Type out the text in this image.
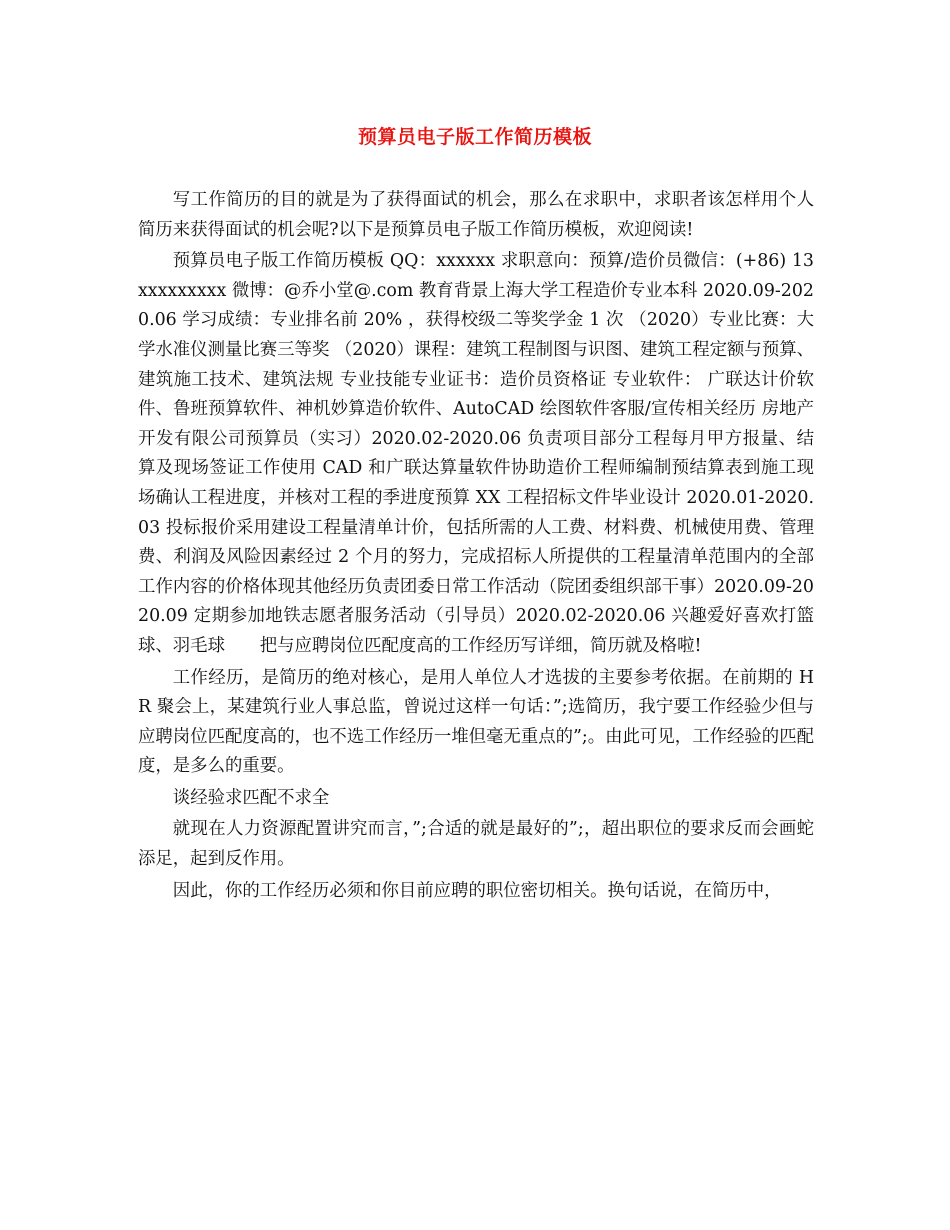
预算员电子版工作简历模板

写工作简历的目的就是为了获得面试的机会，那么在求职中，求职者该怎样用个人简历来获得面试的机会呢?以下是预算员电子版工作简历模板，欢迎阅读!

预算员电子版工作简历模板 QQ：xxxxxx 求职意向：预算/造价员微信：(+86) 13xxxxxxxxx 微博：@乔小堂@.com 教育背景上海大学工程造价专业本科 2020.09-2020.06 学习成绩：专业排名前 20% ，获得校级二等奖学金 1 次 （2020）专业比赛：大学水准仪测量比赛三等奖 （2020）课程：建筑工程制图与识图、建筑工程定额与预算、建筑施工技术、建筑法规 专业技能专业证书：造价员资格证 专业软件： 广联达计价软件、鲁班预算软件、神机妙算造价软件、AutoCAD 绘图软件客服/宣传相关经历 房地产开发有限公司预算员（实习）2020.02-2020.06 负责项目部分工程每月甲方报量、结算及现场签证工作使用 CAD 和广联达算量软件协助造价工程师编制预结算表到施工现场确认工程进度，并核对工程的季进度预算 XX 工程招标文件毕业设计 2020.01-2020.03 投标报价采用建设工程量清单计价，包括所需的人工费、材料费、机械使用费、管理费、利润及风险因素经过 2 个月的努力，完成招标人所提供的工程量清单范围内的全部工作内容的价格体现其他经历负责团委日常工作活动（院团委组织部干事）2020.09-2020.09 定期参加地铁志愿者服务活动（引导员）2020.02-2020.06 兴趣爱好喜欢打篮球、羽毛球　　把与应聘岗位匹配度高的工作经历写详细，简历就及格啦!

工作经历，是简历的绝对核心，是用人单位人才选拔的主要参考依据。在前期的 HR 聚会上，某建筑行业人事总监，曾说过这样一句话：”;选简历，我宁要工作经验少但与应聘岗位匹配度高的，也不选工作经历一堆但毫无重点的”;。由此可见，工作经验的匹配度，是多么的重要。

谈经验求匹配不求全

就现在人力资源配置讲究而言，”;合适的就是最好的”;，超出职位的要求反而会画蛇添足，起到反作用。

因此，你的工作经历必须和你目前应聘的职位密切相关。换句话说，在简历中，
